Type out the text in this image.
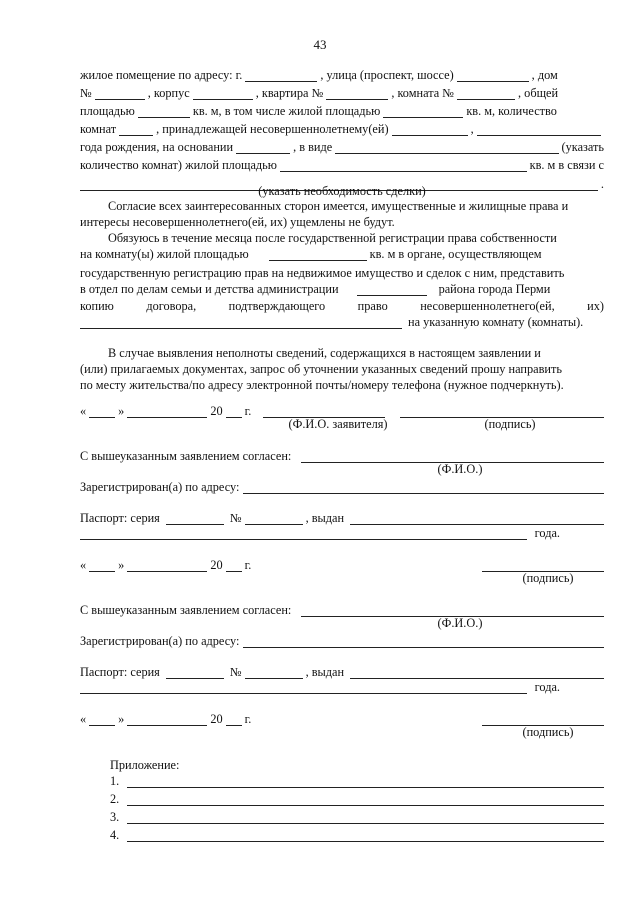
43
жилое помещение по адресу: г.	, улица (проспект, шоссе)	, дом
№	, корпус	, квартира №	, комната №	, общей
площадью	кв. м, в том числе жилой площадью	кв. м, количество
комнат	, принадлежащей несовершеннолетнему(ей)	,
года рождения, на основании	, в виде	(указать
количество комнат) жилой площадью	кв. м в связи с
.
(указать необходимость сделки)
Согласие всех заинтересованных сторон имеется, имущественные и жилищные права и
интересы несовершеннолетнего(ей, их) ущемлены не будут.
Обязуюсь в течение месяца после государственной регистрации права собственности
на комнату(ы) жилой площадью	кв. м в органе, осуществляющем
государственную регистрацию прав на недвижимое имущество и сделок с ним, представить
в отдел по делам семьи и детства администрации	района города Перми
копию	договора,	подтверждающего	право	несовершеннолетнего(ей,	их)
на указанную комнату (комнаты).
В случае выявления неполноты сведений, содержащихся в настоящем заявлении и
(или) прилагаемых документах, запрос об уточнении указанных сведений прошу направить
по месту жительства/по адресу электронной почты/номеру телефона (нужное подчеркнуть).
«	»	20 г.
(Ф.И.О. заявителя)	(подпись)
С вышеуказанным заявлением согласен:
(Ф.И.О.)
Зарегистрирован(а) по адресу:
Паспорт: серия	№	, выдан
года.
«	»	20 г.
(подпись)
С вышеуказанным заявлением согласен:
(Ф.И.О.)
Зарегистрирован(а) по адресу:
Паспорт: серия	№	, выдан
года.
«	»	20 г.
(подпись)
Приложение:
1.
2.
3.
4.
